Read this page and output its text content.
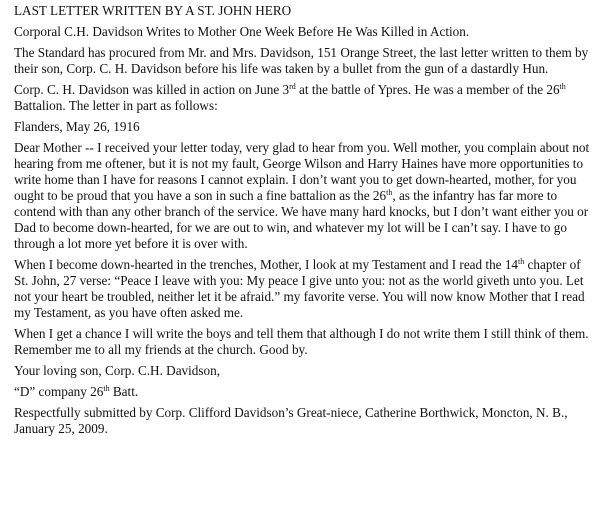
LAST LETTER WRITTEN BY A ST. JOHN HERO

Corporal C.H. Davidson Writes to Mother One Week Before He Was Killed in Action.

The Standard has procured from Mr. and Mrs. Davidson, 151 Orange Street, the last letter written to them by their son, Corp. C. H. Davidson before his life was taken by a bullet from the gun of a dastardly Hun.

Corp. C. H. Davidson was killed in action on June 3rd at the battle of Ypres. He was a member of the 26th Battalion. The letter in part as follows:

Flanders, May 26, 1916

Dear Mother -- I received your letter today, very glad to hear from you. Well mother, you complain about not hearing from me oftener, but it is not my fault, George Wilson and Harry Haines have more opportunities to write home than I have for reasons I cannot explain. I don’t want you to get down-hearted, mother, for you ought to be proud that you have a son in such a fine battalion as the 26th, as the infantry has far more to contend with than any other branch of the service. We have many hard knocks, but I don’t want either you or Dad to become down-hearted, for we are out to win, and whatever my lot will be I can’t say. I have to go through a lot more yet before it is over with.

When I become down-hearted in the trenches, Mother, I look at my Testament and I read the 14th chapter of St. John, 27 verse: “Peace I leave with you: My peace I give unto you: not as the world giveth unto you. Let not your heart be troubled, neither let it be afraid.” my favorite verse. You will now know Mother that I read my Testament, as you have often asked me.

When I get a chance I will write the boys and tell them that although I do not write them I still think of them. Remember me to all my friends at the church. Good by.

Your loving son, Corp. C.H. Davidson,

“D” company 26th Batt.

Respectfully submitted by Corp. Clifford Davidson’s Great-niece, Catherine Borthwick, Moncton, N. B., January 25, 2009.
